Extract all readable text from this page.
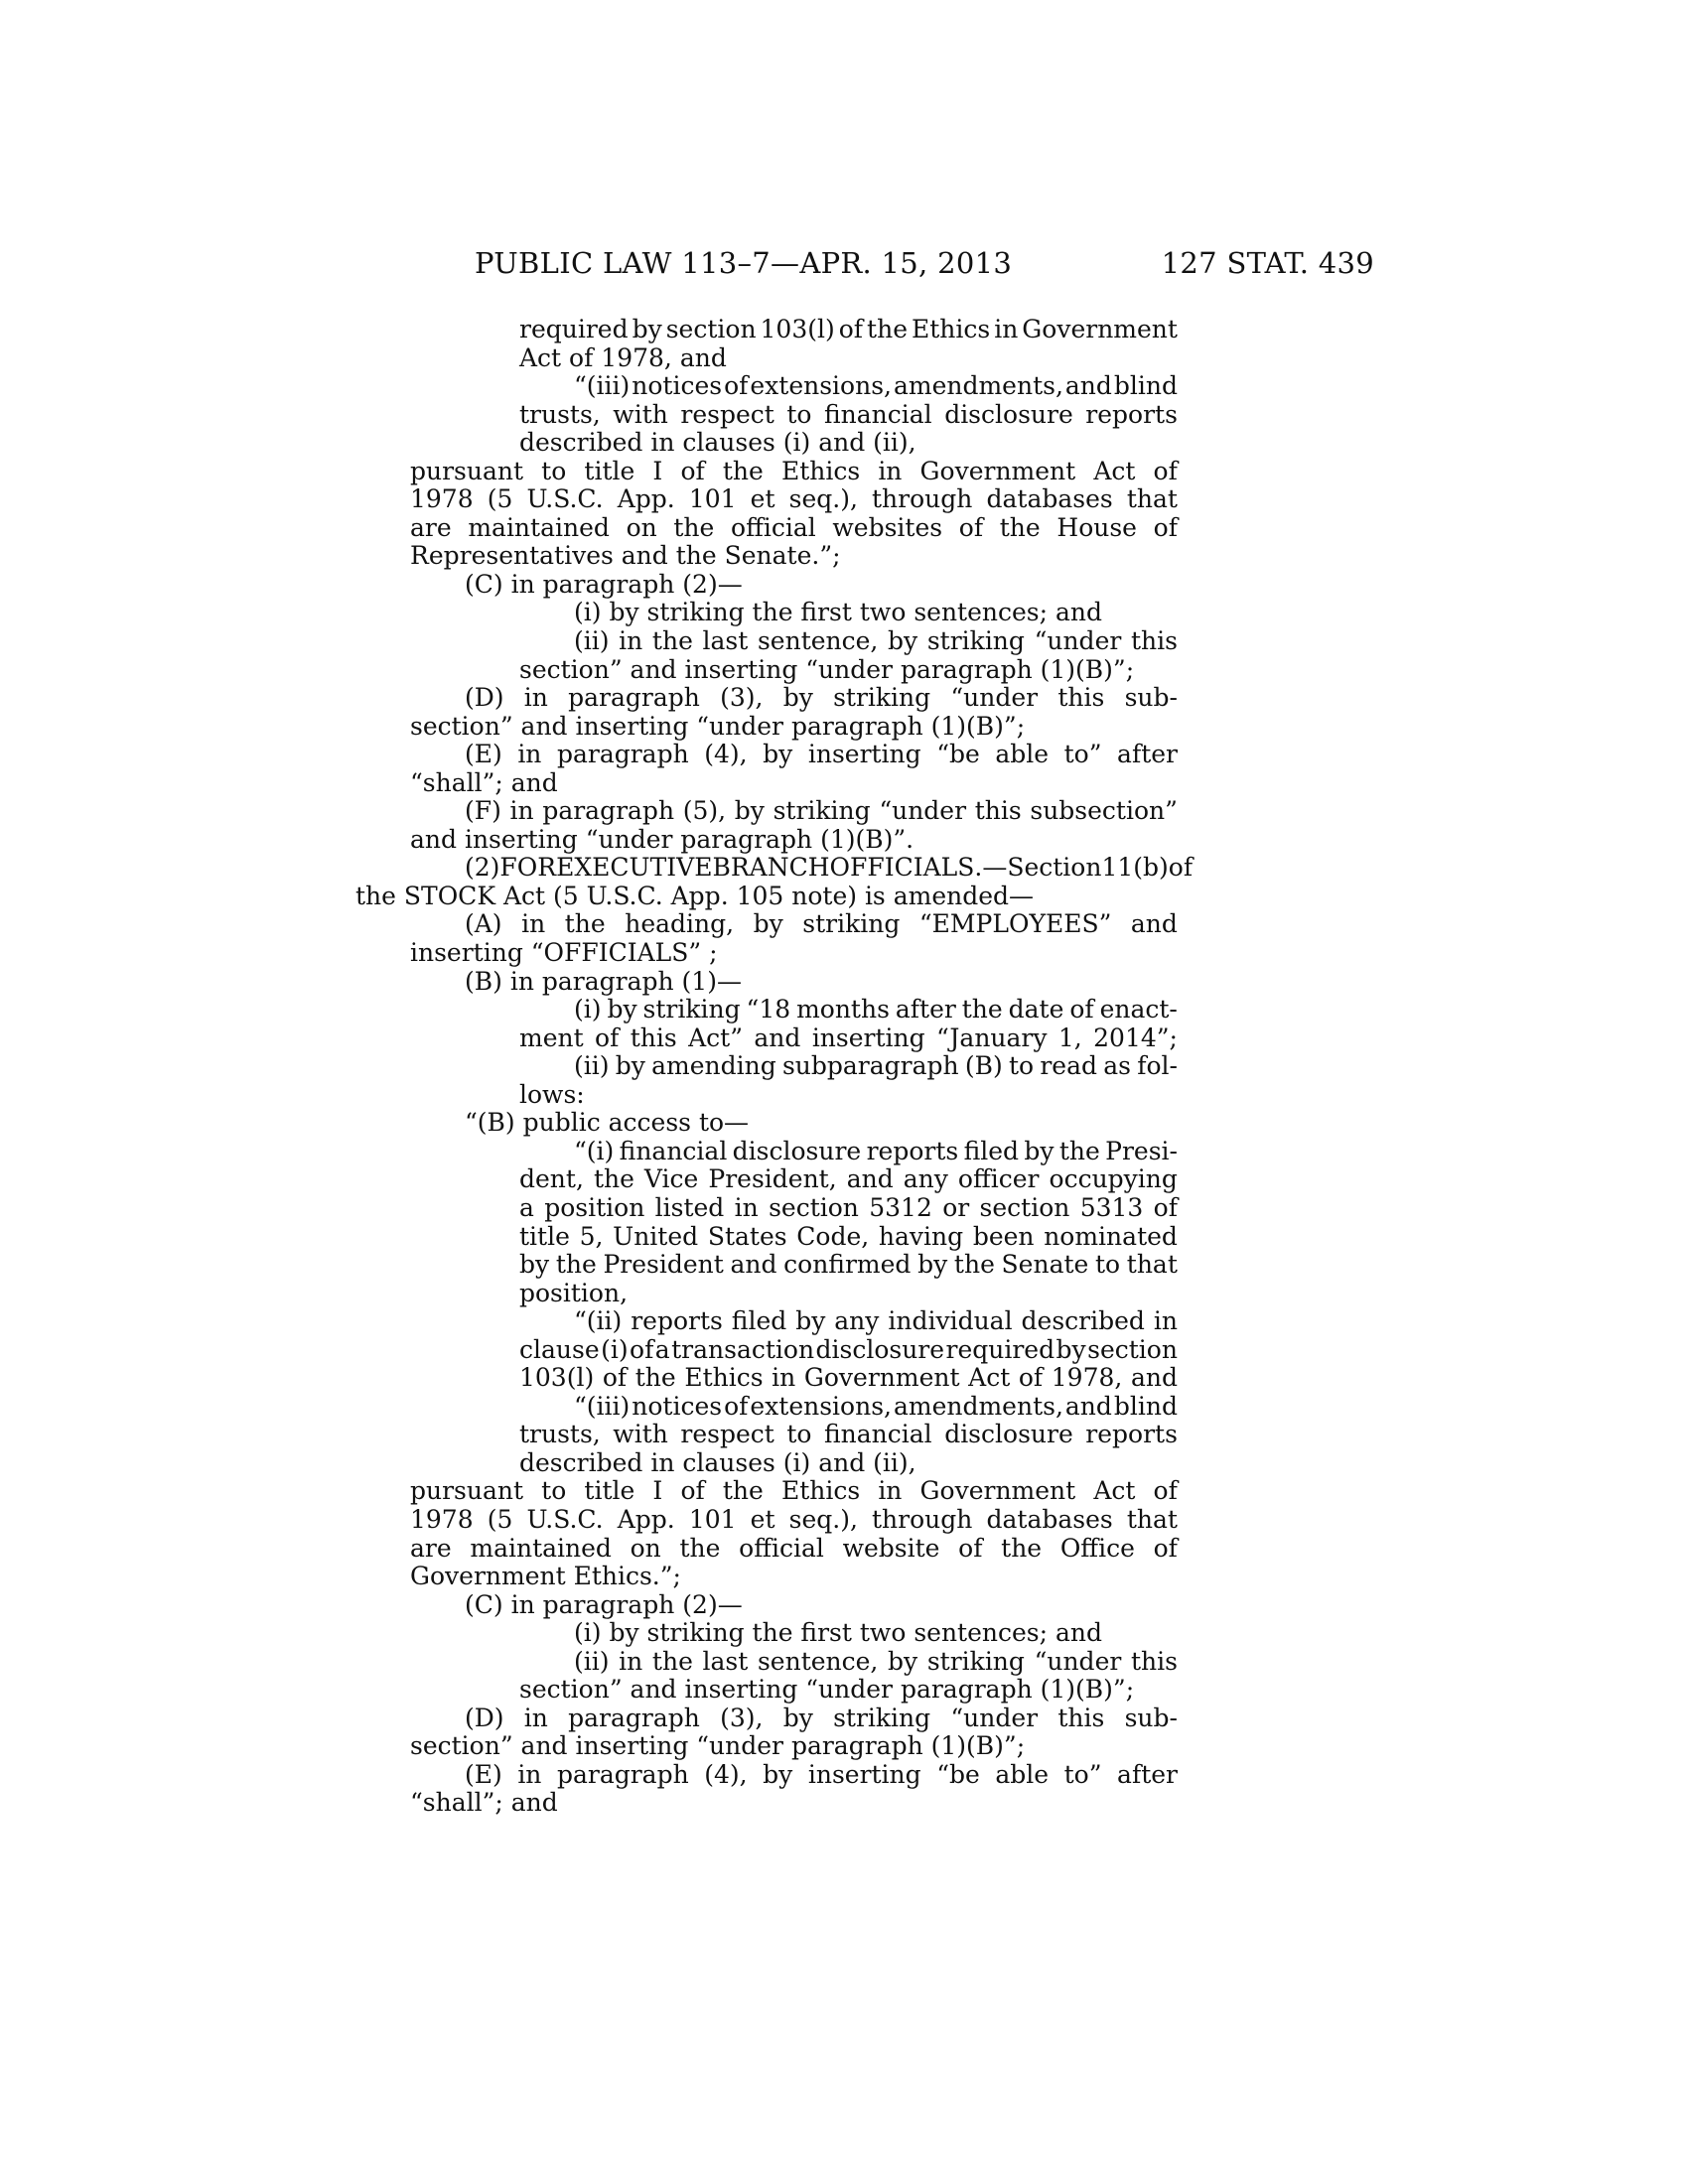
PUBLIC LAW 113–7—APR. 15, 2013	127 STAT. 439
required by section 103(l) of the Ethics in Government
Act of 1978, and
“(iii) notices of extensions, amendments, and blind
trusts, with respect to financial disclosure reports
described in clauses (i) and (ii),
pursuant to title I of the Ethics in Government Act of
1978 (5 U.S.C. App. 101 et seq.), through databases that
are maintained on the official websites of the House of
Representatives and the Senate.”;
(C) in paragraph (2)—
(i) by striking the first two sentences; and
(ii) in the last sentence, by striking “under this
section” and inserting “under paragraph (1)(B)”;
(D) in paragraph (3), by striking “under this sub-
section” and inserting “under paragraph (1)(B)”;
(E) in paragraph (4), by inserting “be able to” after
“shall”; and
(F) in paragraph (5), by striking “under this subsection”
and inserting “under paragraph (1)(B)”.
(2) FOR EXECUTIVE BRANCH OFFICIALS.—Section 11(b) of
the STOCK Act (5 U.S.C. App. 105 note) is amended—
(A) in the heading, by striking “EMPLOYEES” and
inserting “OFFICIALS” ;
(B) in paragraph (1)—
(i) by striking “18 months after the date of enact-
ment of this Act” and inserting “January 1, 2014”;
(ii) by amending subparagraph (B) to read as fol-
lows:
“(B) public access to—
“(i) financial disclosure reports filed by the Presi-
dent, the Vice President, and any officer occupying
a position listed in section 5312 or section 5313 of
title 5, United States Code, having been nominated
by the President and confirmed by the Senate to that
position,
“(ii) reports filed by any individual described in
clause (i) of a transaction disclosure required by section
103(l) of the Ethics in Government Act of 1978, and
“(iii) notices of extensions, amendments, and blind
trusts, with respect to financial disclosure reports
described in clauses (i) and (ii),
pursuant to title I of the Ethics in Government Act of
1978 (5 U.S.C. App. 101 et seq.), through databases that
are maintained on the official website of the Office of
Government Ethics.”;
(C) in paragraph (2)—
(i) by striking the first two sentences; and
(ii) in the last sentence, by striking “under this
section” and inserting “under paragraph (1)(B)”;
(D) in paragraph (3), by striking “under this sub-
section” and inserting “under paragraph (1)(B)”;
(E) in paragraph (4), by inserting “be able to” after
“shall”; and
